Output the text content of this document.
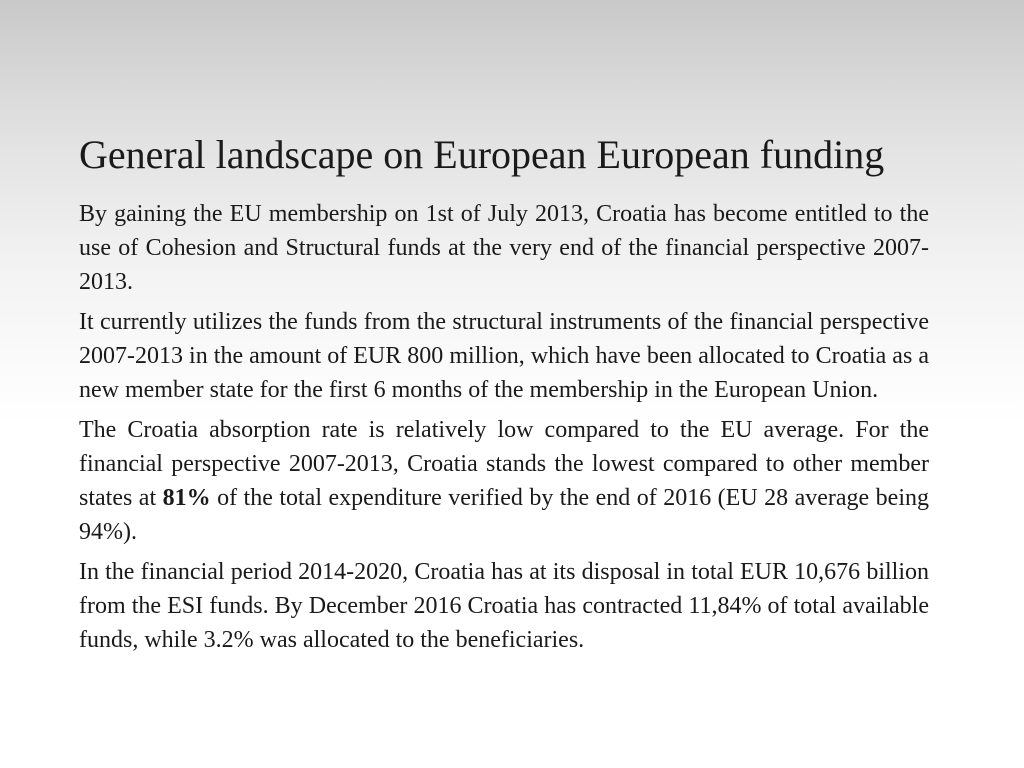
General landscape on European European funding

By gaining the EU membership on 1st of July 2013, Croatia has become entitled to the use of Cohesion and Structural funds at the very end of the financial perspective 2007-2013.

It currently utilizes the funds from the structural instruments of the financial perspective 2007-2013 in the amount of EUR 800 million, which have been allocated to Croatia as a new member state for the first 6 months of the membership in the European Union.

The Croatia absorption rate is relatively low compared to the EU average. For the financial perspective 2007-2013, Croatia stands the lowest compared to other member states at 81% of the total expenditure verified by the end of 2016 (EU 28 average being 94%).

In the financial period 2014-2020, Croatia has at its disposal in total EUR 10,676 billion from the ESI funds. By December 2016 Croatia has contracted 11,84% of total available funds, while 3.2% was allocated to the beneficiaries.
